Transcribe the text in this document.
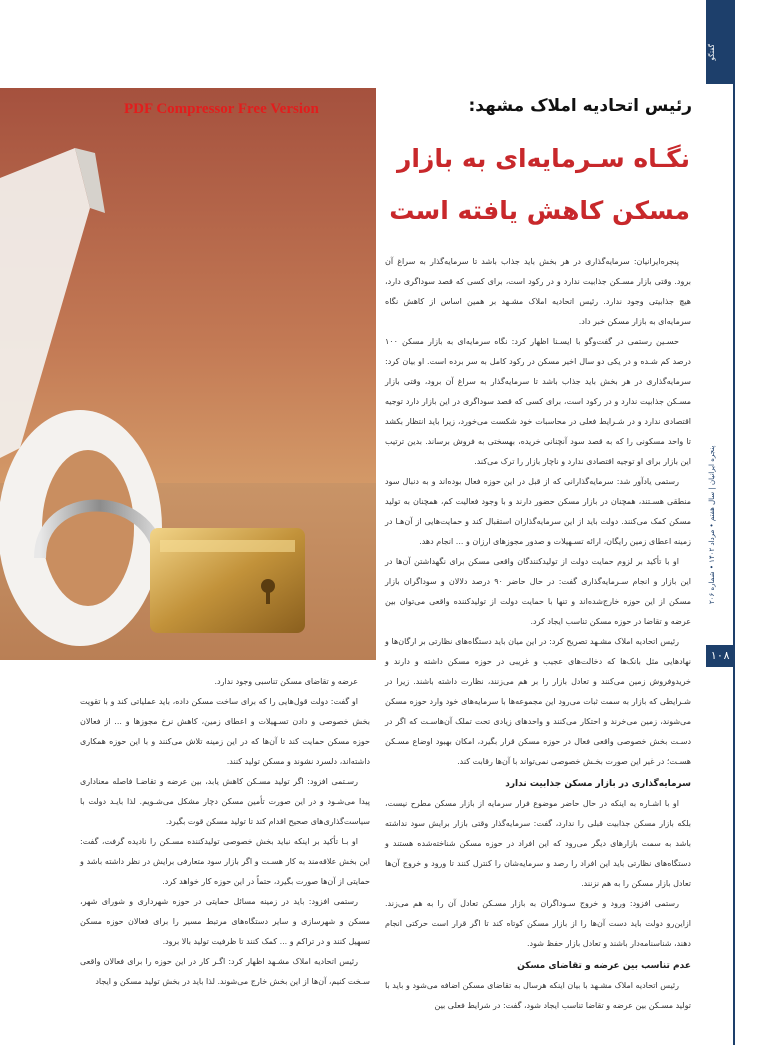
گفتگو
پنجره ایرانیان | سال هفتم • مرداد ۱۴۰۲ • شماره ۲۰۶
۱۰۸
PDF Compressor Free Version	رئیس اتحادیه املاک مشهد:
نگـاه سـرمایه‌ای به بازار
مسکن کاهش یافته است

پنجره‌ایرانیان: سرمایه‌گذاری در هر بخش باید جذاب باشد تا سرمایه‌گذار به سراغ آن برود. وقتی بازار مسـکن جذابیت ندارد و در رکود است، برای کسی که قصد سوداگری دارد، هیچ جذابیتی وجود ندارد. رئیس اتحادیه املاک مشـهد بر همین اساس از کاهش نگاه سرمایه‌ای به بازار مسکن خبر داد.

حسـین رستمی در گفت‌وگو با ایسـنا اظهار کرد: نگاه سرمایه‌ای به بازار مسکن ۱۰۰ درصد کم شـده و در یکی دو سال اخیر مسکن در رکود کامل به سر برده است. او بیان کرد: سرمایه‌گذاری در هر بخش باید جذاب باشد تا سرمایه‌گذار به سراغ آن برود، وقتی بازار مسـکن جذابیت ندارد و در رکود است، برای کسی که قصد سوداگری در این بازار دارد توجیه اقتصادی ندارد و در شـرایط فعلی در محاسبات خود شکست می‌خورد، زیرا باید انتظار بکشد تا واحد مسکونی را که به قصد سود آنچنانی خریده، بهسختی به فروش برساند. بدین ترتیب این بازار برای او توجیه اقتصادی ندارد و ناچار بازار را ترک می‌کند.

رستمی یادآور شد: سرمایه‌گذارانی که از قبل در این حوزه فعال بوده‌اند و به دنبال سود منطقی هسـتند، همچنان در بازار مسکن حضور دارند و با وجود فعالیت کم، همچنان به تولید مسکن کمک می‌کنند. دولت باید از این سرمایه‌گذاران استقبال کند و حمایت‌هایی از آن‌هـا در زمینه اعطای زمین رایگان، ارائه تسـهیلات و صدور مجوزهای ارزان و ... انجام دهد.

او با تأکید بر لزوم حمایت دولت از تولیدکنندگان واقعی مسکن برای نگهداشتن آن‌ها در این بازار و انجام سـرمایه‌گذاری گفت: در حال حاضر ۹۰ درصد دلالان و سوداگران بازار مسکن از این حوزه خارج‌شده‌اند و تنها با حمایت دولت از تولیدکننده واقعی می‌توان بین عرضه و تقاضا در حوزه مسکن تناسب ایجاد کرد.

رئیس اتحادیه املاک مشـهد تصریح کرد: در این میان باید دستگاه‌های نظارتی بر ارگان‌ها و نهادهایی مثل بانک‌ها که دخالت‌های عجیب و غریبی در حوزه مسکن داشته و دارند و خریدوفروش زمین می‌کنند و تعادل بازار را بر هم می‌زنند، نظارت داشته باشند. زیرا در شـرایطی که بازار به سمت ثبات می‌رود این مجموعه‌ها با سرمایه‌های خود وارد حوزه مسکن می‌شوند، زمین می‌خرند و احتکار می‌کنند و واحدهای زیادی تحت تملک آن‌هاسـت که اگر در دسـت بخش خصوصی واقعی فعال در حوزه مسکن قرار بگیرد، امکان بهبود اوضاع مسـکن هسـت؛ در غیر این صورت بخـش خصوصی نمی‌تواند با آن‌ها رقابت کند.

سرمایه‌گذاری در بازار مسکن جذابیت ندارد

او با اشـاره به اینکه در حال حاضر موضوع فرار سرمایه از بازار مسکن مطرح نیست، بلکه بازار مسکن جذابیت قبلی را ندارد، گفت: سرمایه‌گذار وقتی بازار برایش سود نداشته باشد به سمت بازارهای دیگر می‌رود که این افراد در حوزه مسکن شناخته‌شده هستند و دستگاه‌های نظارتی باید این افراد را رصد و سرمایه‌شان را کنترل کنند تا ورود و خروج آن‌ها تعادل بازار مسکن را به هم نزنند.

رستمی افزود: ورود و خروج سـوداگران به بازار مسـکن تعادل آن را به هم می‌زند. ازاین‌رو دولت باید دست آن‌ها را از بازار مسکن کوتاه کند تا اگر قرار است حرکتی انجام دهند، شناسنامه‌دار باشند و تعادل بازار حفظ شود.

عدم تناسب بین عرضه و تقاضای مسکن

رئیس اتحادیه املاک مشـهد با بیان اینکه هرسال به تقاضای مسکن اضافه می‌شود و باید با تولید مسـکن بین عرضه و تقاضا تناسب ایجاد شود، گفت: در شرایط فعلی بین

عرضه و تقاضای مسکن تناسبی وجود ندارد.

او گفت: دولت قول‌هایی را که برای ساخت مسکن داده، باید عملیاتی کند و با تقویت بخش خصوصی و دادن تسـهیلات و اعطای زمین، کاهش نرخ مجوزها و ... از فعالان حوزه مسکن حمایت کند تا آن‌ها که در این زمینه تلاش می‌کنند و با این حوزه همکاری داشته‌اند، دلسرد نشوند و مسکن تولید کنند.

رسـتمی افزود: اگر تولید مسـکن کاهش یابد، بین عرضه و تقاضـا فاصله معناداری پیدا می‌شـود و در این صورت تأمین مسکن دچار مشکل می‌شـویم. لذا بایـد دولت با سیاست‌گذاری‌های صحیح اقدام کند تا تولید مسکن قوت بگیرد.

او بـا تأکید بر اینکه نباید بخش خصوصی تولیدکننده مسـکن را نادیده گرفت، گفت: این بخش علاقه‌مند به کار هسـت و اگر بازار سود متعارفی برایش در نظر داشته باشد و حمایتی از آن‌ها صورت بگیرد، حتماً در این حوزه کار خواهد کرد.

رستمی افزود: باید در زمینه مسائل حمایتی در حوزه شهرداری و شورای شهر، مسکن و شهرسازی و سایر دستگاه‌های مرتبط مسیر را برای فعالان حوزه مسکن تسهیل کنند و در تراکم و ... کمک کنند تا ظرفیت تولید بالا برود.

رئیس اتحادیه املاک مشـهد اظهار کرد: اگـر کار در این حوزه را برای فعالان واقعی سـخت کنیم، آن‌ها از این بخش خارج می‌شوند. لذا باید در بخش تولید مسکن و ایجاد
